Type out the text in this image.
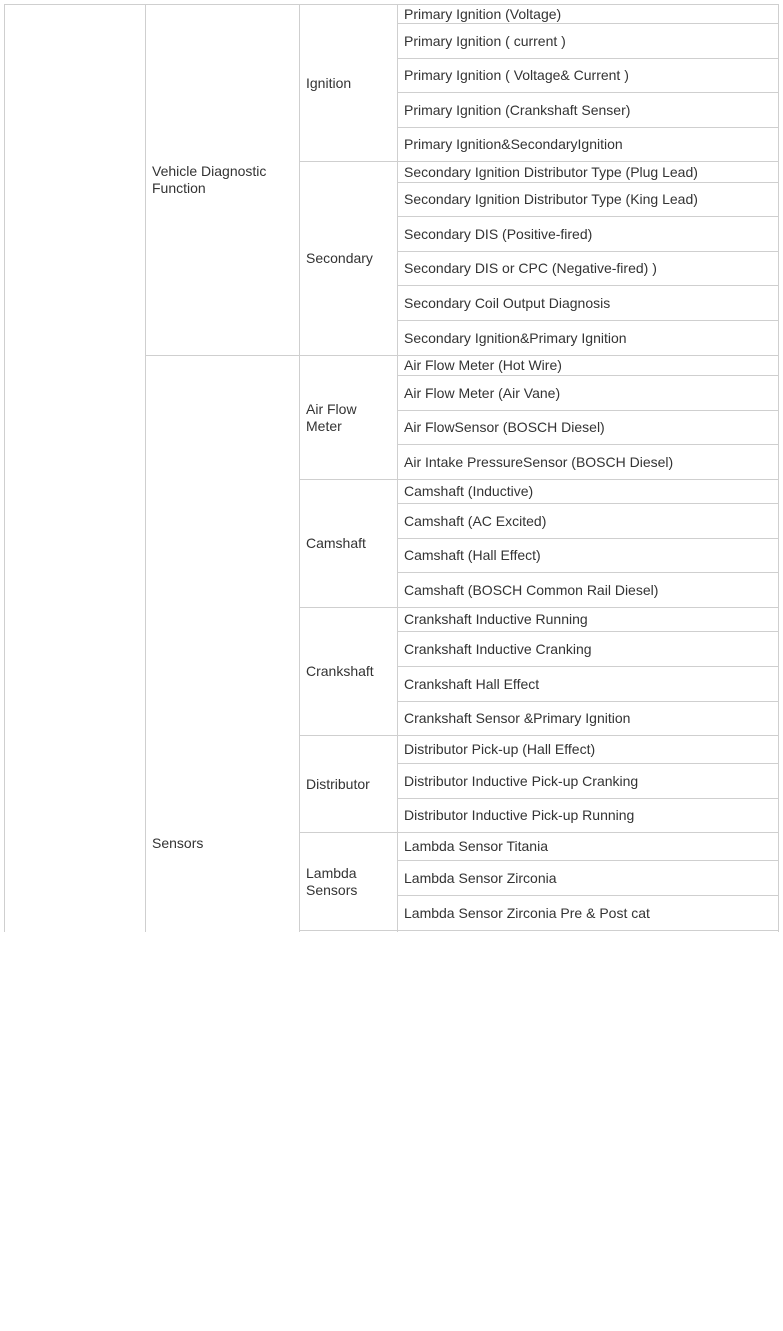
Vehicle Diagnostic Function
Sensors
Ignition
Secondary
Air Flow Meter
Camshaft
Crankshaft
Distributor
Lambda Sensors
Primary Ignition (Voltage)
Primary Ignition ( current )
Primary Ignition ( Voltage& Current )
Primary Ignition (Crankshaft Senser)
Primary Ignition&SecondaryIgnition
Secondary Ignition Distributor Type (Plug Lead)
Secondary Ignition Distributor Type (King Lead)
Secondary DIS (Positive-fired)
Secondary DIS or CPC (Negative-fired) )
Secondary Coil Output Diagnosis
Secondary Ignition&Primary Ignition
Air Flow Meter (Hot Wire)
Air Flow Meter (Air Vane)
Air FlowSensor (BOSCH Diesel)
Air Intake PressureSensor (BOSCH Diesel)
Camshaft (Inductive)
Camshaft (AC Excited)
Camshaft (Hall Effect)
Camshaft (BOSCH Common Rail Diesel)
Crankshaft Inductive Running
Crankshaft Inductive Cranking
Crankshaft Hall Effect
Crankshaft Sensor &Primary Ignition
Distributor Pick-up (Hall Effect)
Distributor Inductive Pick-up Cranking
Distributor Inductive Pick-up Running
Lambda Sensor Titania
Lambda Sensor Zirconia
Lambda Sensor Zirconia Pre & Post cat
